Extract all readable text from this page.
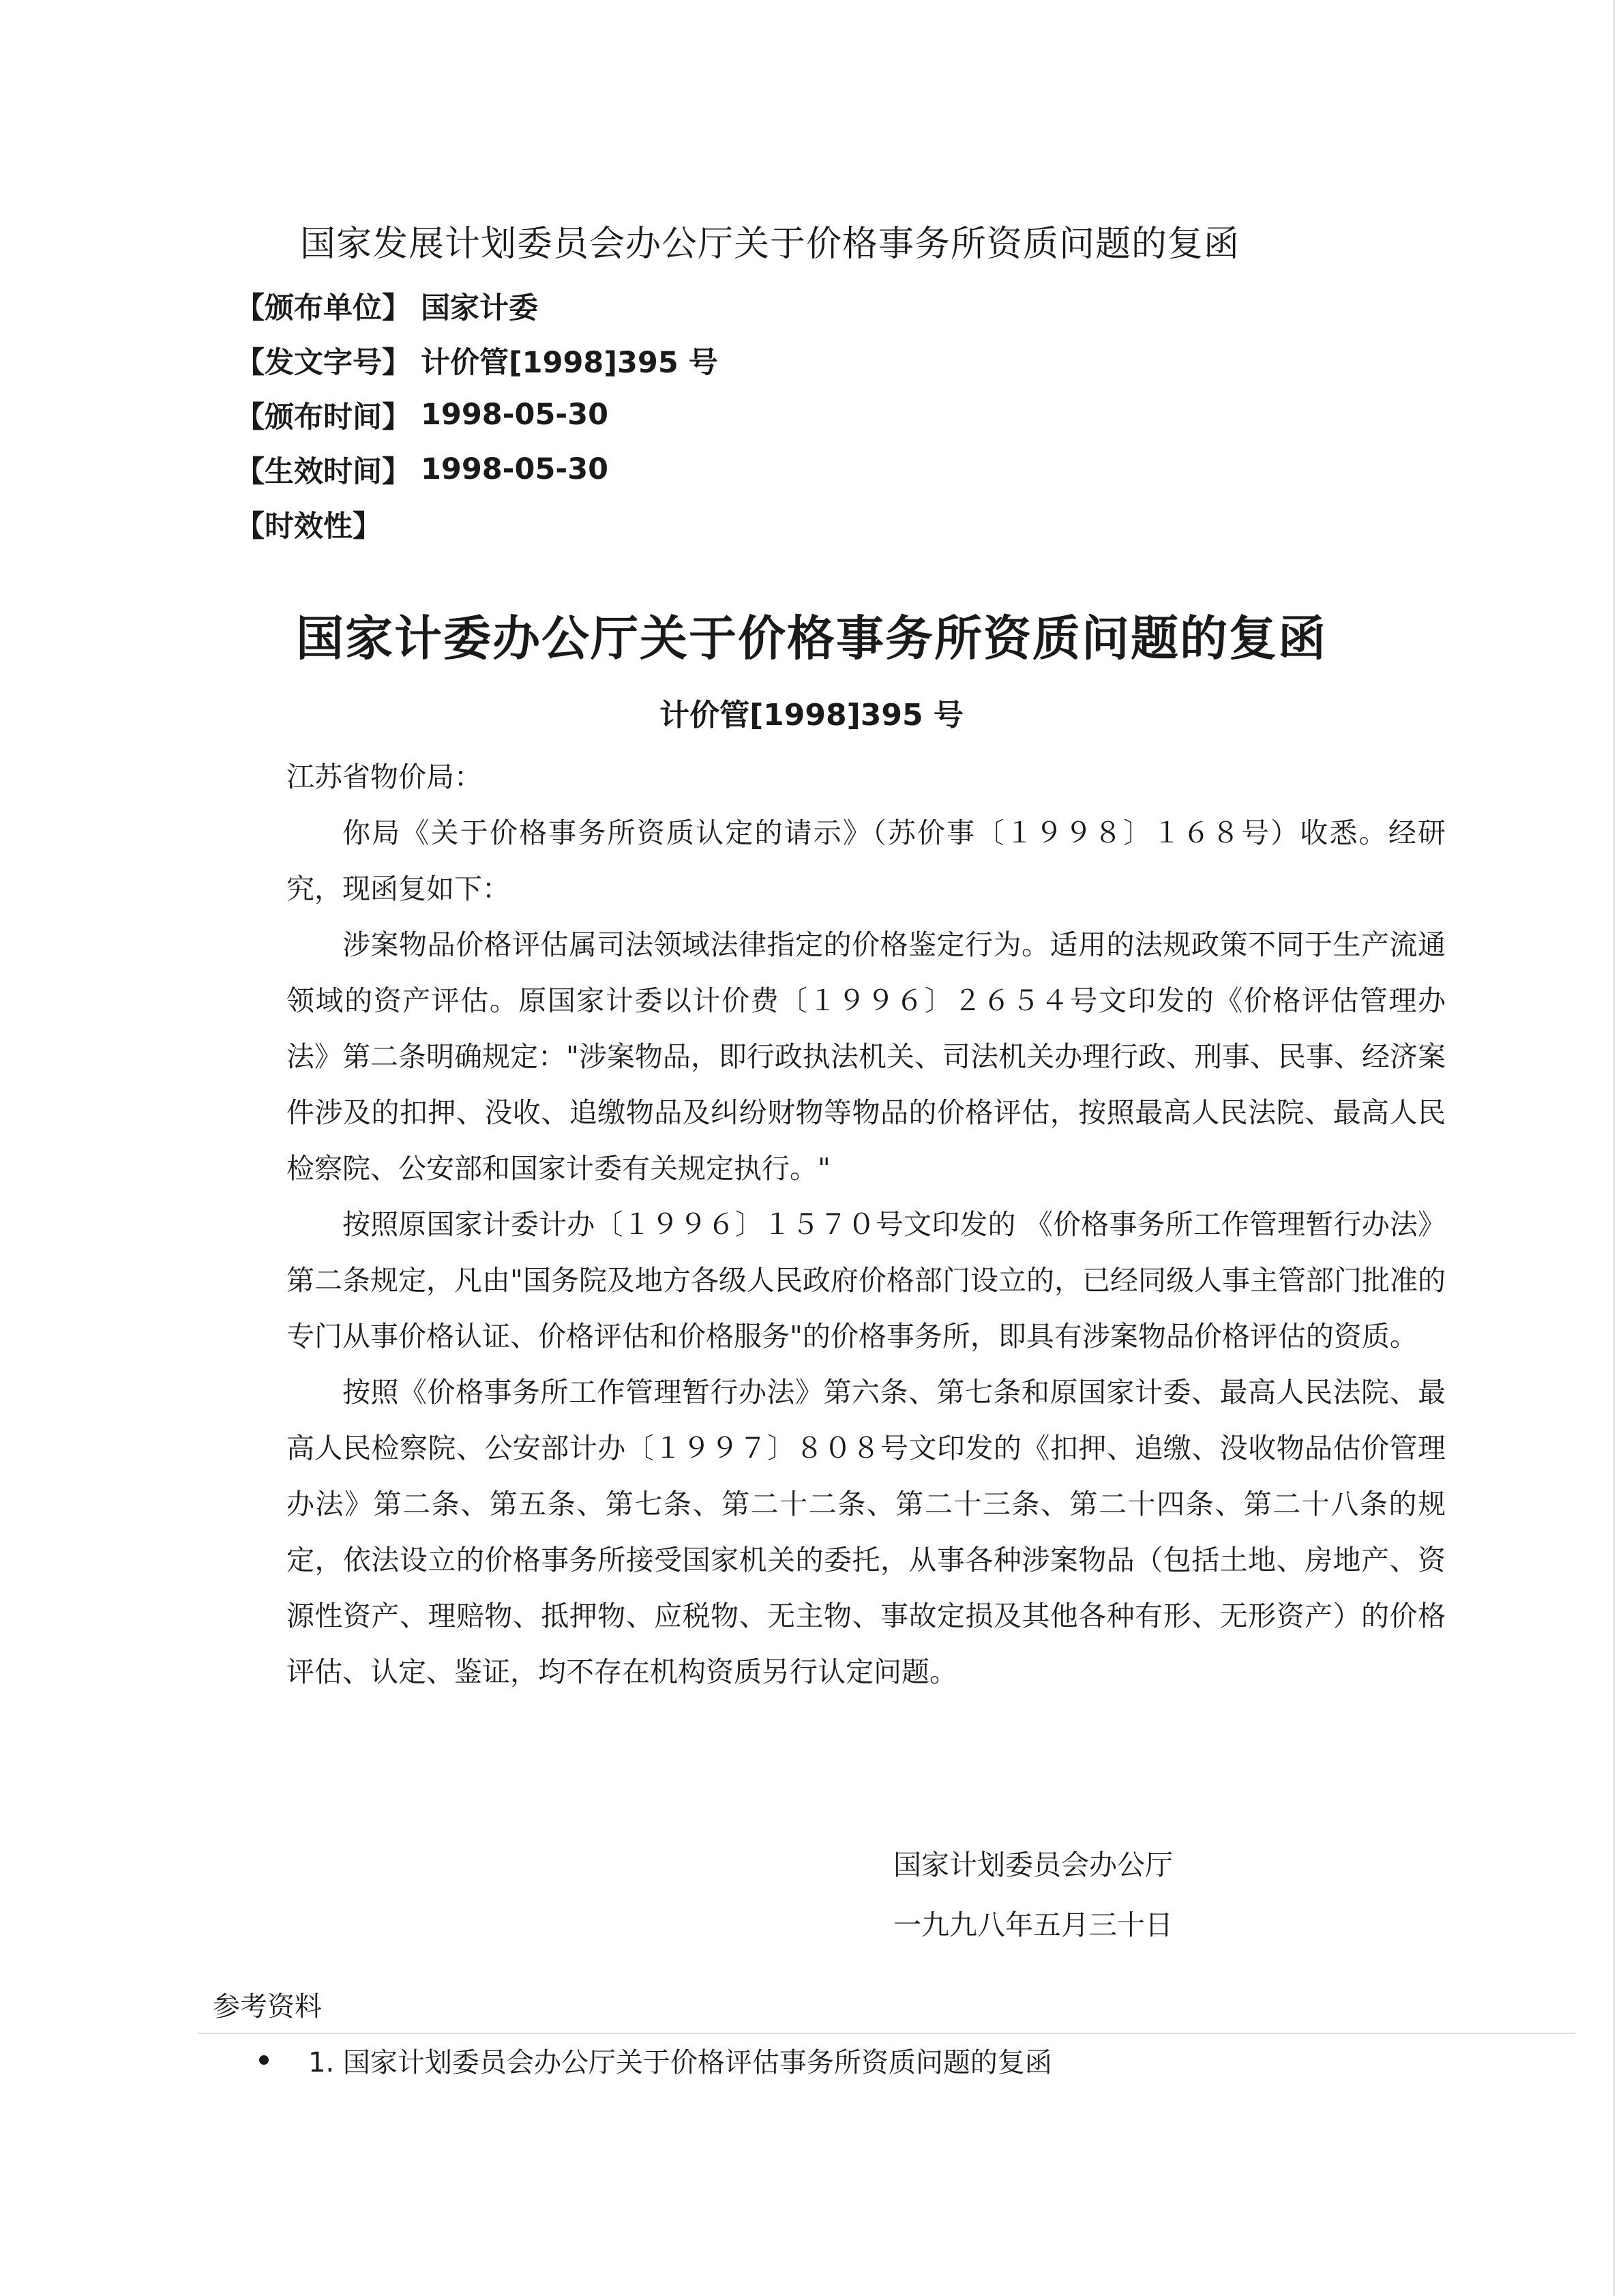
国家发展计划委员会办公厅关于价格事务所资质问题的复函
【颁布单位】 国家计委
【发文字号】 计价管[1998]395 号
【颁布时间】 1998-05-30
【生效时间】 1998-05-30
【时效性】
国家计委办公厅关于价格事务所资质问题的复函
计价管[1998]395 号

江苏省物价局：

你局《关于价格事务所资质认定的请示》（苏价事〔１９９８〕１６８号）收悉。经研究，现函复如下：

涉案物品价格评估属司法领域法律指定的价格鉴定行为。适用的法规政策不同于生产流通领域的资产评估。原国家计委以计价费〔１９９６〕２６５４号文印发的《价格评估管理办法》第二条明确规定："涉案物品，即行政执法机关、司法机关办理行政、刑事、民事、经济案件涉及的扣押、没收、追缴物品及纠纷财物等物品的价格评估，按照最高人民法院、最高人民检察院、公安部和国家计委有关规定执行。"

按照原国家计委计办〔１９９６〕１５７０号文印发的 《价格事务所工作管理暂行办法》第二条规定，凡由"国务院及地方各级人民政府价格部门设立的，已经同级人事主管部门批准的专门从事价格认证、价格评估和价格服务"的价格事务所，即具有涉案物品价格评估的资质。

按照《价格事务所工作管理暂行办法》第六条、第七条和原国家计委、最高人民法院、最高人民检察院、公安部计办〔１９９７〕８０８号文印发的《扣押、追缴、没收物品估价管理办法》第二条、第五条、第七条、第二十二条、第二十三条、第二十四条、第二十八条的规定，依法设立的价格事务所接受国家机关的委托，从事各种涉案物品（包括土地、房地产、资源性资产、理赔物、抵押物、应税物、无主物、事故定损及其他各种有形、无形资产）的价格评估、认定、鉴证，均不存在机构资质另行认定问题。

国家计划委员会办公厅
一九九八年五月三十日
参考资料
1. 国家计划委员会办公厅关于价格评估事务所资质问题的复函
